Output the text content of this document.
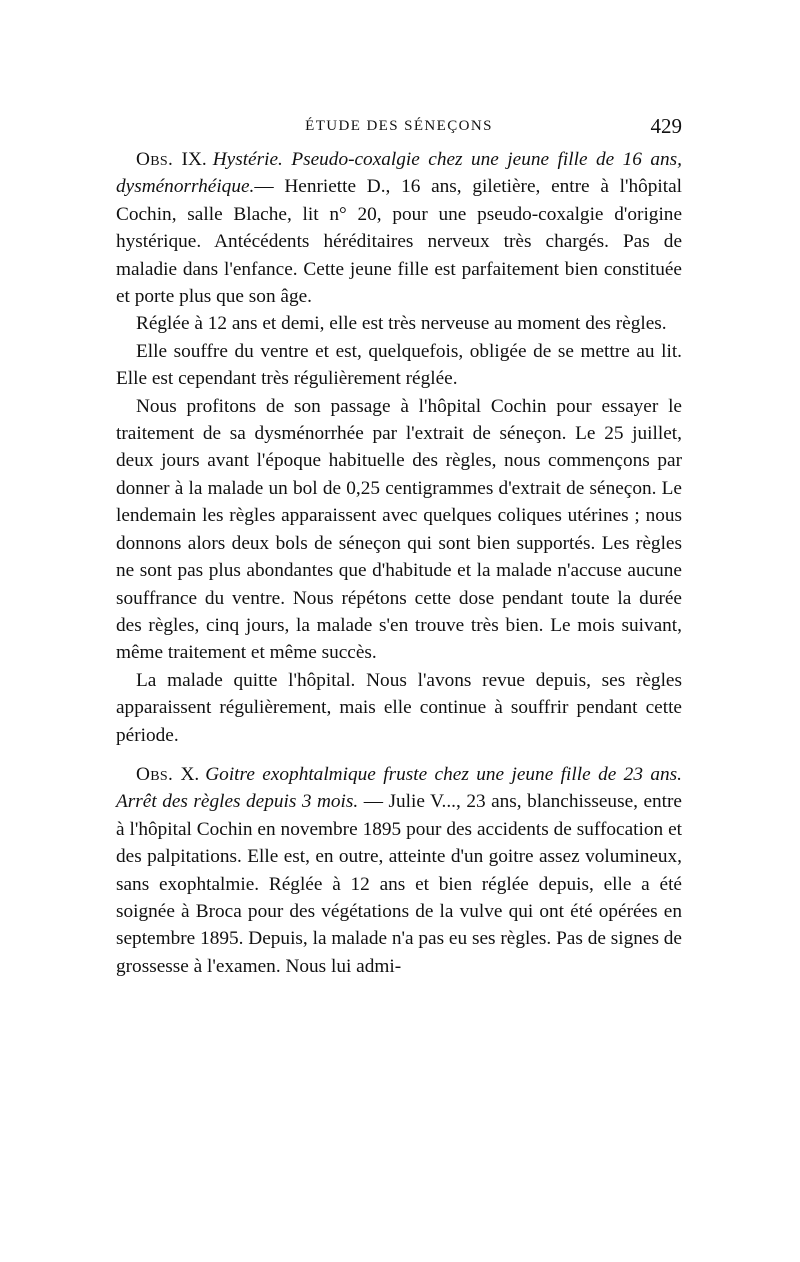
ÉTUDE DES SÉNEÇONS	429

Obs. IX. Hystérie. Pseudo-coxalgie chez une jeune fille de 16 ans, dysménorrhéique.— Henriette D., 16 ans, giletière, entre à l'hôpital Cochin, salle Blache, lit n° 20, pour une pseudo-coxalgie d'origine hystérique. Antécédents héréditaires nerveux très chargés. Pas de maladie dans l'enfance. Cette jeune fille est parfaitement bien constituée et porte plus que son âge.

Réglée à 12 ans et demi, elle est très nerveuse au moment des règles.

Elle souffre du ventre et est, quelquefois, obligée de se mettre au lit. Elle est cependant très régulièrement réglée.

Nous profitons de son passage à l'hôpital Cochin pour essayer le traitement de sa dysménorrhée par l'extrait de séneçon. Le 25 juillet, deux jours avant l'époque habituelle des règles, nous commençons par donner à la malade un bol de 0,25 centigrammes d'extrait de séneçon. Le lendemain les règles apparaissent avec quelques coliques utérines ; nous donnons alors deux bols de séneçon qui sont bien supportés. Les règles ne sont pas plus abondantes que d'habitude et la malade n'accuse aucune souffrance du ventre. Nous répétons cette dose pendant toute la durée des règles, cinq jours, la malade s'en trouve très bien. Le mois suivant, même traitement et même succès.

La malade quitte l'hôpital. Nous l'avons revue depuis, ses règles apparaissent régulièrement, mais elle continue à souffrir pendant cette période.

Obs. X. Goitre exophtalmique fruste chez une jeune fille de 23 ans. Arrêt des règles depuis 3 mois. — Julie V..., 23 ans, blanchisseuse, entre à l'hôpital Cochin en novembre 1895 pour des accidents de suffocation et des palpitations. Elle est, en outre, atteinte d'un goitre assez volumineux, sans exophtalmie. Réglée à 12 ans et bien réglée depuis, elle a été soignée à Broca pour des végétations de la vulve qui ont été opérées en septembre 1895. Depuis, la malade n'a pas eu ses règles. Pas de signes de grossesse à l'examen. Nous lui admi-
